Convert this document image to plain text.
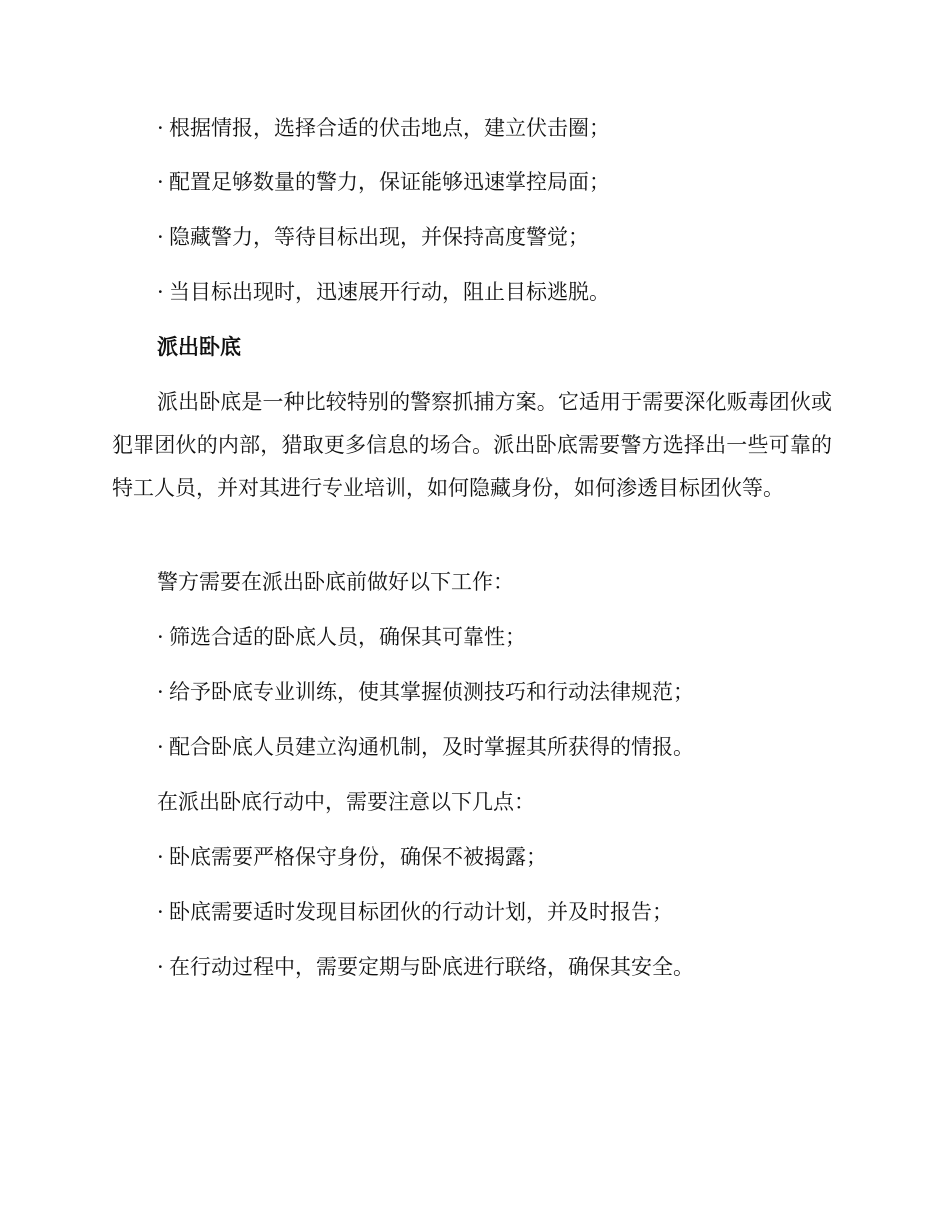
· 根据情报，选择合适的伏击地点，建立伏击圈；

· 配置足够数量的警力，保证能够迅速掌控局面；

· 隐藏警力，等待目标出现，并保持高度警觉；

· 当目标出现时，迅速展开行动，阻止目标逃脱。

派出卧底

派出卧底是一种比较特别的警察抓捕方案。它适用于需要深化贩毒团伙或犯罪团伙的内部，猎取更多信息的场合。派出卧底需要警方选择出一些可靠的特工人员，并对其进行专业培训，如何隐藏身份，如何渗透目标团伙等。

警方需要在派出卧底前做好以下工作：

· 筛选合适的卧底人员，确保其可靠性；

· 给予卧底专业训练，使其掌握侦测技巧和行动法律规范；

· 配合卧底人员建立沟通机制，及时掌握其所获得的情报。

在派出卧底行动中，需要注意以下几点：

· 卧底需要严格保守身份，确保不被揭露；

· 卧底需要适时发现目标团伙的行动计划，并及时报告；

· 在行动过程中，需要定期与卧底进行联络，确保其安全。
